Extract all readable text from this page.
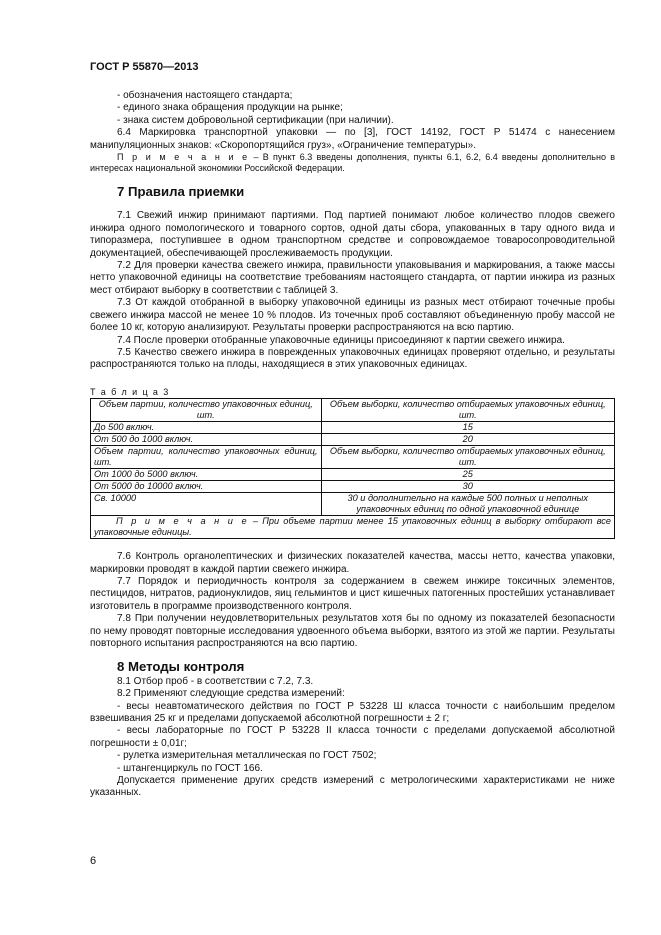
ГОСТ Р 55870—2013

- обозначения настоящего стандарта;

- единого знака обращения продукции на рынке;

- знака систем добровольной сертификации (при наличии).

6.4 Маркировка транспортной упаковки — по [3], ГОСТ 14192, ГОСТ Р 51474 с нанесением манипуляционных знаков: «Скоропортящийся груз», «Ограничение температуры».

П р и м е ч а н и е – В пункт 6.3 введены дополнения, пункты 6.1, 6.2, 6.4 введены дополнительно в интересах национальной экономики Российской Федерации.

7 Правила приемки

7.1 Свежий инжир принимают партиями. Под партией понимают любое количество плодов свежего инжира одного помологического и товарного сортов, одной даты сбора, упакованных в тару одного вида и типоразмера, поступившее в одном транспортном средстве и сопровождаемое товаросопроводительной документацией, обеспечивающей прослеживаемость продукции.

7.2 Для проверки качества свежего инжира, правильности упаковывания и маркирования, а также массы нетто упаковочной единицы на соответствие требованиям настоящего стандарта, от партии инжира из разных мест отбирают выборку в соответствии с таблицей 3.

7.3 От каждой отобранной в выборку упаковочной единицы из разных мест отбирают точечные пробы свежего инжира массой не менее 10 % плодов. Из точечных проб составляют объединенную пробу массой не более 10 кг, которую анализируют. Результаты проверки распространяются на всю партию.

7.4 После проверки отобранные упаковочные единицы присоединяют к партии свежего инжира.

7.5 Качество свежего инжира в поврежденных упаковочных единицах проверяют отдельно, и результаты распространяются только на плоды, находящиеся в этих упаковочных единицах.

Т а б л и ц а 3
Объем партии, количество упаковочных единиц, шт.	Объем выборки, количество отбираемых упаковочных единиц, шт.
До 500 включ.	15
От 500 до 1000 включ.	20
Объем партии, количество упаковочных единиц, шт.	Объем выборки, количество отбираемых упаковочных единиц, шт.
От 1000 до 5000 включ.	25
От 5000 до 10000 включ.	30
Св. 10000	30 и дополнительно на каждые 500 полных и неполных упаковочных единиц по одной упаковочной единице
П р и м е ч а н и е – При объеме партии менее 15 упаковочных единиц в выборку отбирают все упаковочные единицы.	

7.6 Контроль органолептических и физических показателей качества, массы нетто, качества упаковки, маркировки проводят в каждой партии свежего инжира.

7.7 Порядок и периодичность контроля за содержанием в свежем инжире токсичных элементов, пестицидов, нитратов, радионуклидов, яиц гельминтов и цист кишечных патогенных простейших устанавливает изготовитель в программе производственного контроля.

7.8 При получении неудовлетворительных результатов хотя бы по одному из показателей безопасности по нему проводят повторные исследования удвоенного объема выборки, взятого из этой же партии. Результаты повторного испытания распространяются на всю партию.

8 Методы контроля

8.1 Отбор проб - в соответствии с 7.2, 7.3.

8.2 Применяют следующие средства измерений:

- весы неавтоматического действия по ГОСТ Р 53228 Ш класса точности с наибольшим пределом взвешивания 25 кг и пределами допускаемой абсолютной погрешности ± 2 г;

- весы лабораторные по ГОСТ Р 53228 II класса точности с пределами допускаемой абсолютной погрешности ± 0,01г;

- рулетка измерительная металлическая по ГОСТ 7502;

- штангенциркуль по ГОСТ 166.

Допускается применение других средств измерений с метрологическими характеристиками не ниже указанных.

6
